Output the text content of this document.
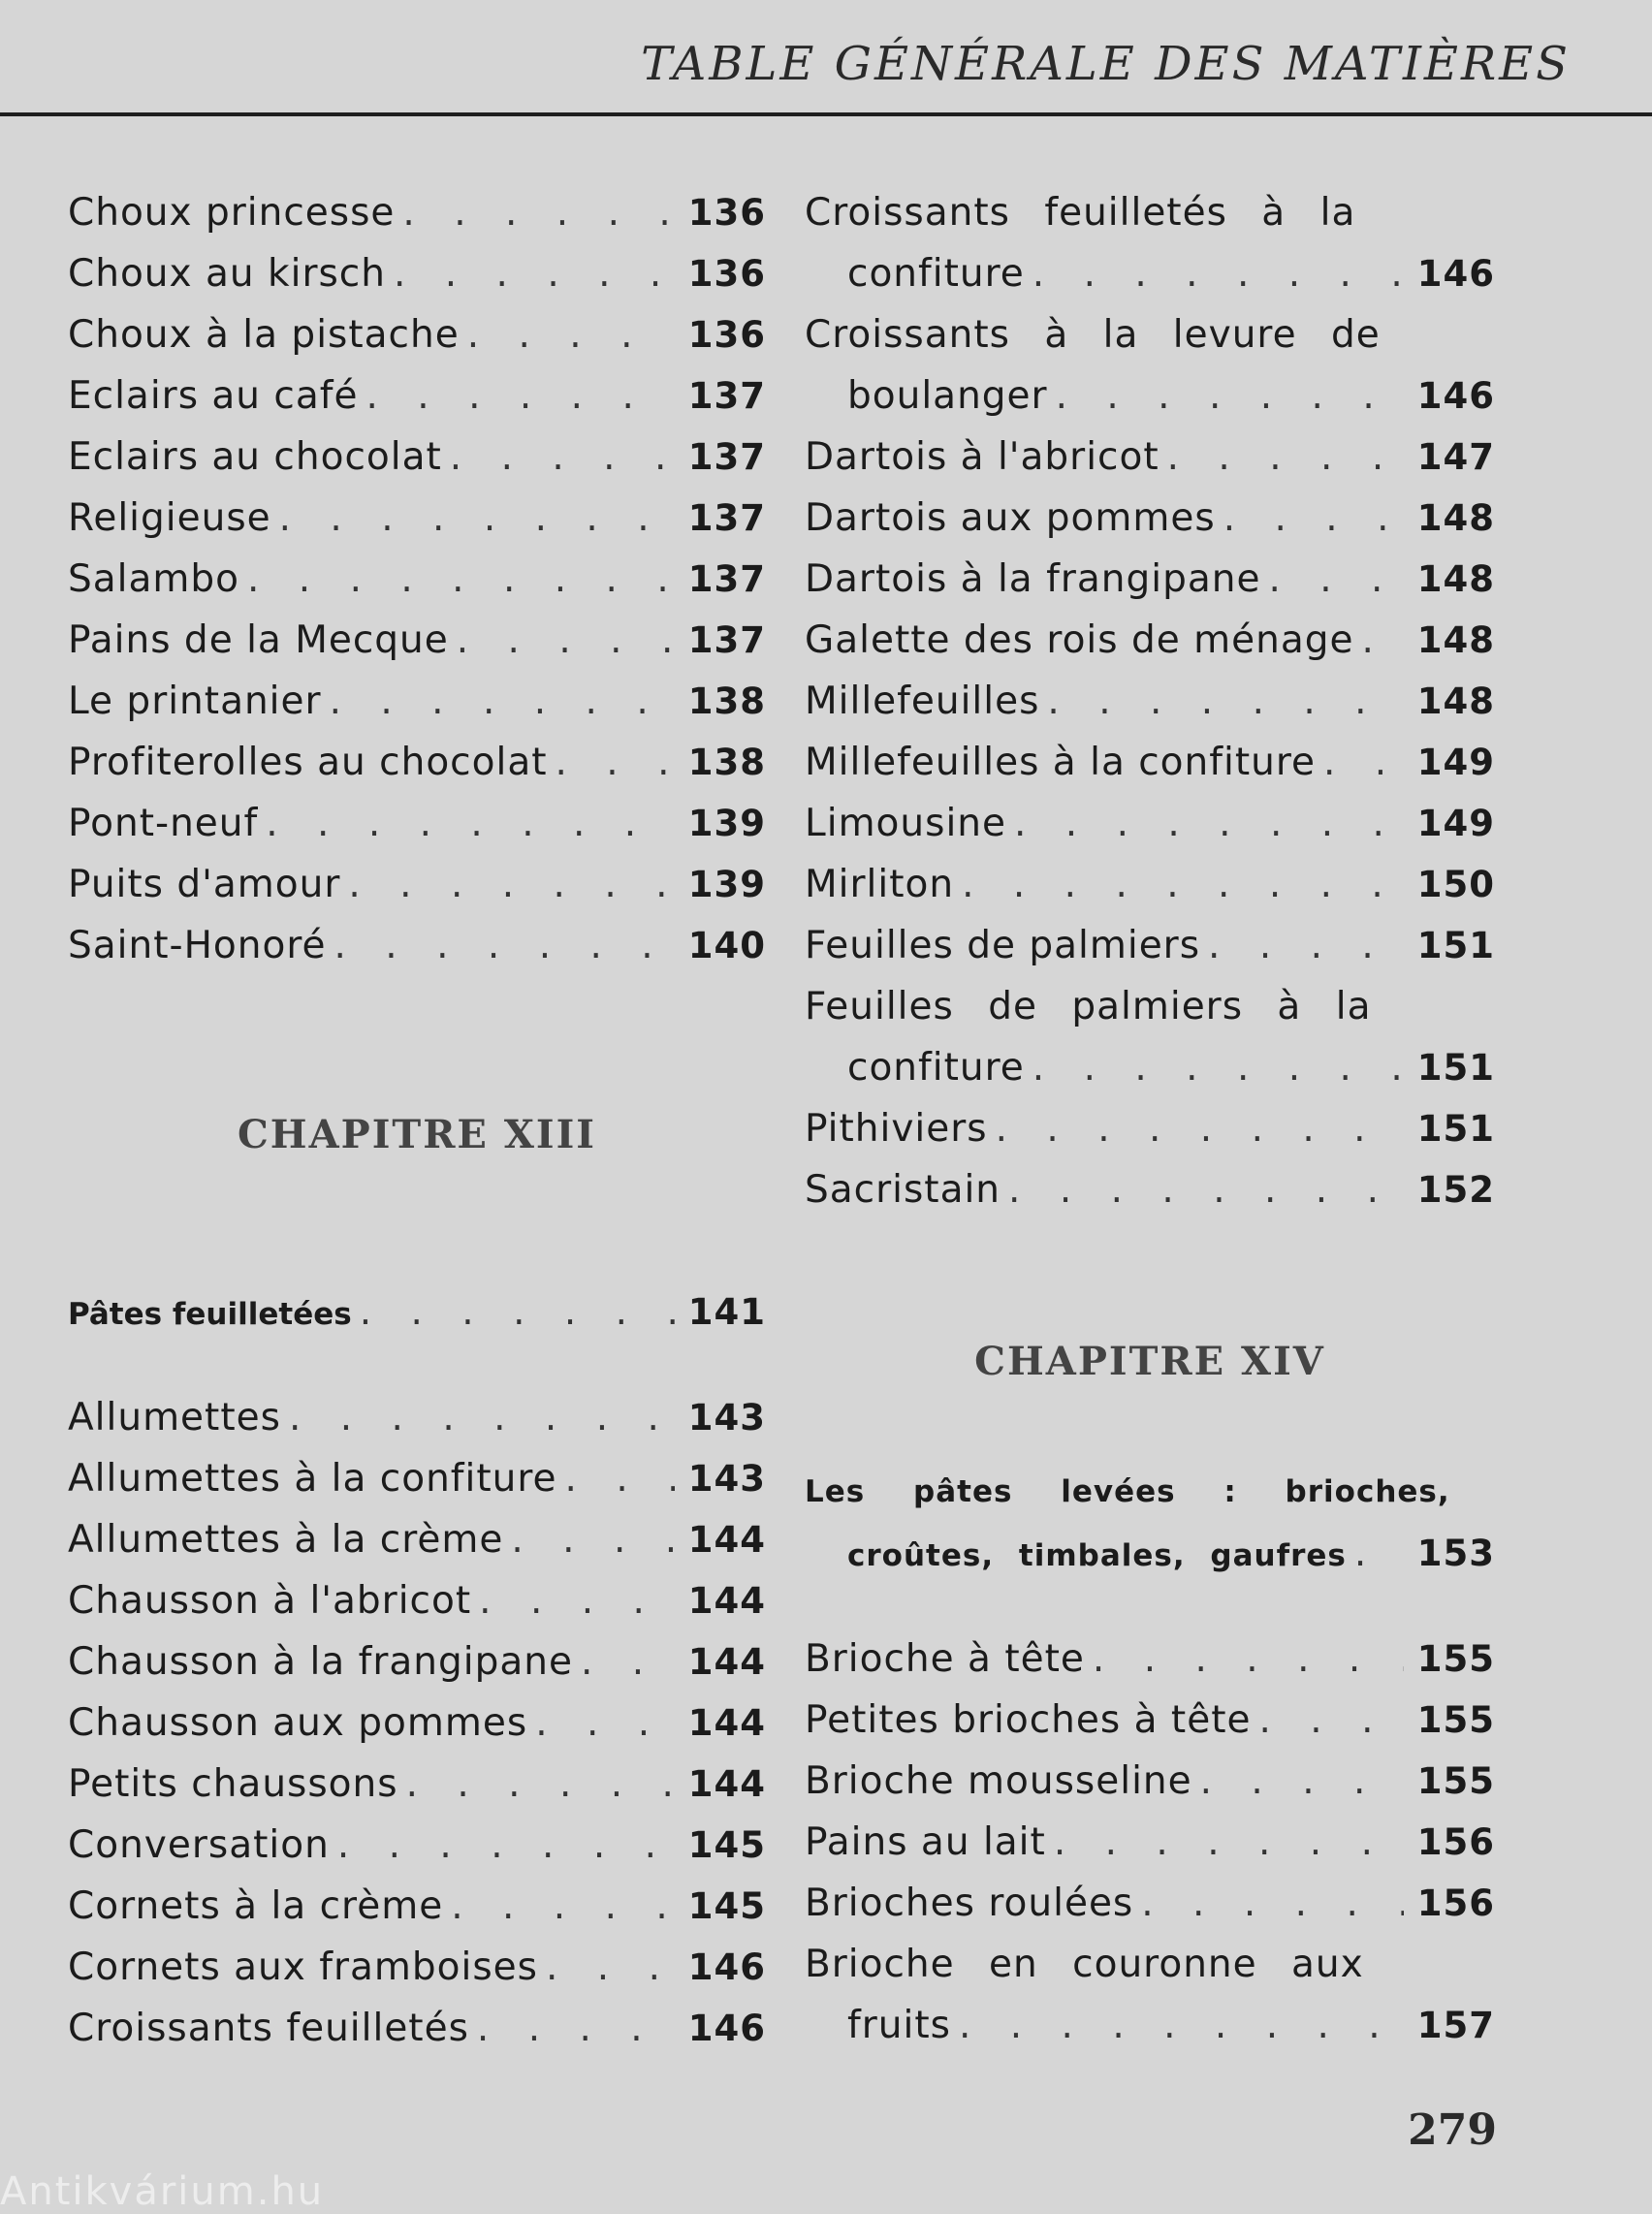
TABLE GÉNÉRALE DES MATIÈRES
Choux princesse . . .	136
Choux au kirsch . . .	136
Choux à la pistache . . .	136
Eclairs au café . . .	137
Eclairs au chocolat . . .	137
Religieuse . . .	137
Salambo . . .	137
Pains de la Mecque . . .	137
Le printanier . . .	138
Profiterolles au chocolat . . .	138
Pont-neuf . . .	139
Puits d'amour . . .	139
Saint-Honoré . . .	140
CHAPITRE XIII
Pâtes feuilletées . . .	141
Allumettes . . .	143
Allumettes à la confiture . . .	143
Allumettes à la crème . . .	144
Chausson à l'abricot . . .	144
Chausson à la frangipane . . .	144
Chausson aux pommes . . .	144
Petits chaussons . . .	144
Conversation . . .	145
Cornets à la crème . . .	145
Cornets aux framboises . . .	146
Croissants feuilletés . . .	146
Croissants feuilletés à la
confiture . . .	146
Croissants à la levure de
boulanger . . .	146
Dartois à l'abricot . . .	147
Dartois aux pommes . . .	148
Dartois à la frangipane . . .	148
Galette des rois de ménage . . . 148
Millefeuilles . . .	148
Millefeuilles à la confiture . . .	149
Limousine . . .	149
Mirliton . . .	150
Feuilles de palmiers . . .	151
Feuilles de palmiers à la
confiture . . .	151
Pithiviers . . .	151
Sacristain . . .	152
CHAPITRE XIV
Les pâtes levées : brioches,
croûtes, timbales, gaufres . . . 153
Brioche à tête . . .	155
Petites brioches à tête . . .	155
Brioche mousseline . . .	155
Pains au lait . . .	156
Brioches roulées . . .	156
Brioche en couronne aux
fruits . . .	157
279
Antikvárium.hu
